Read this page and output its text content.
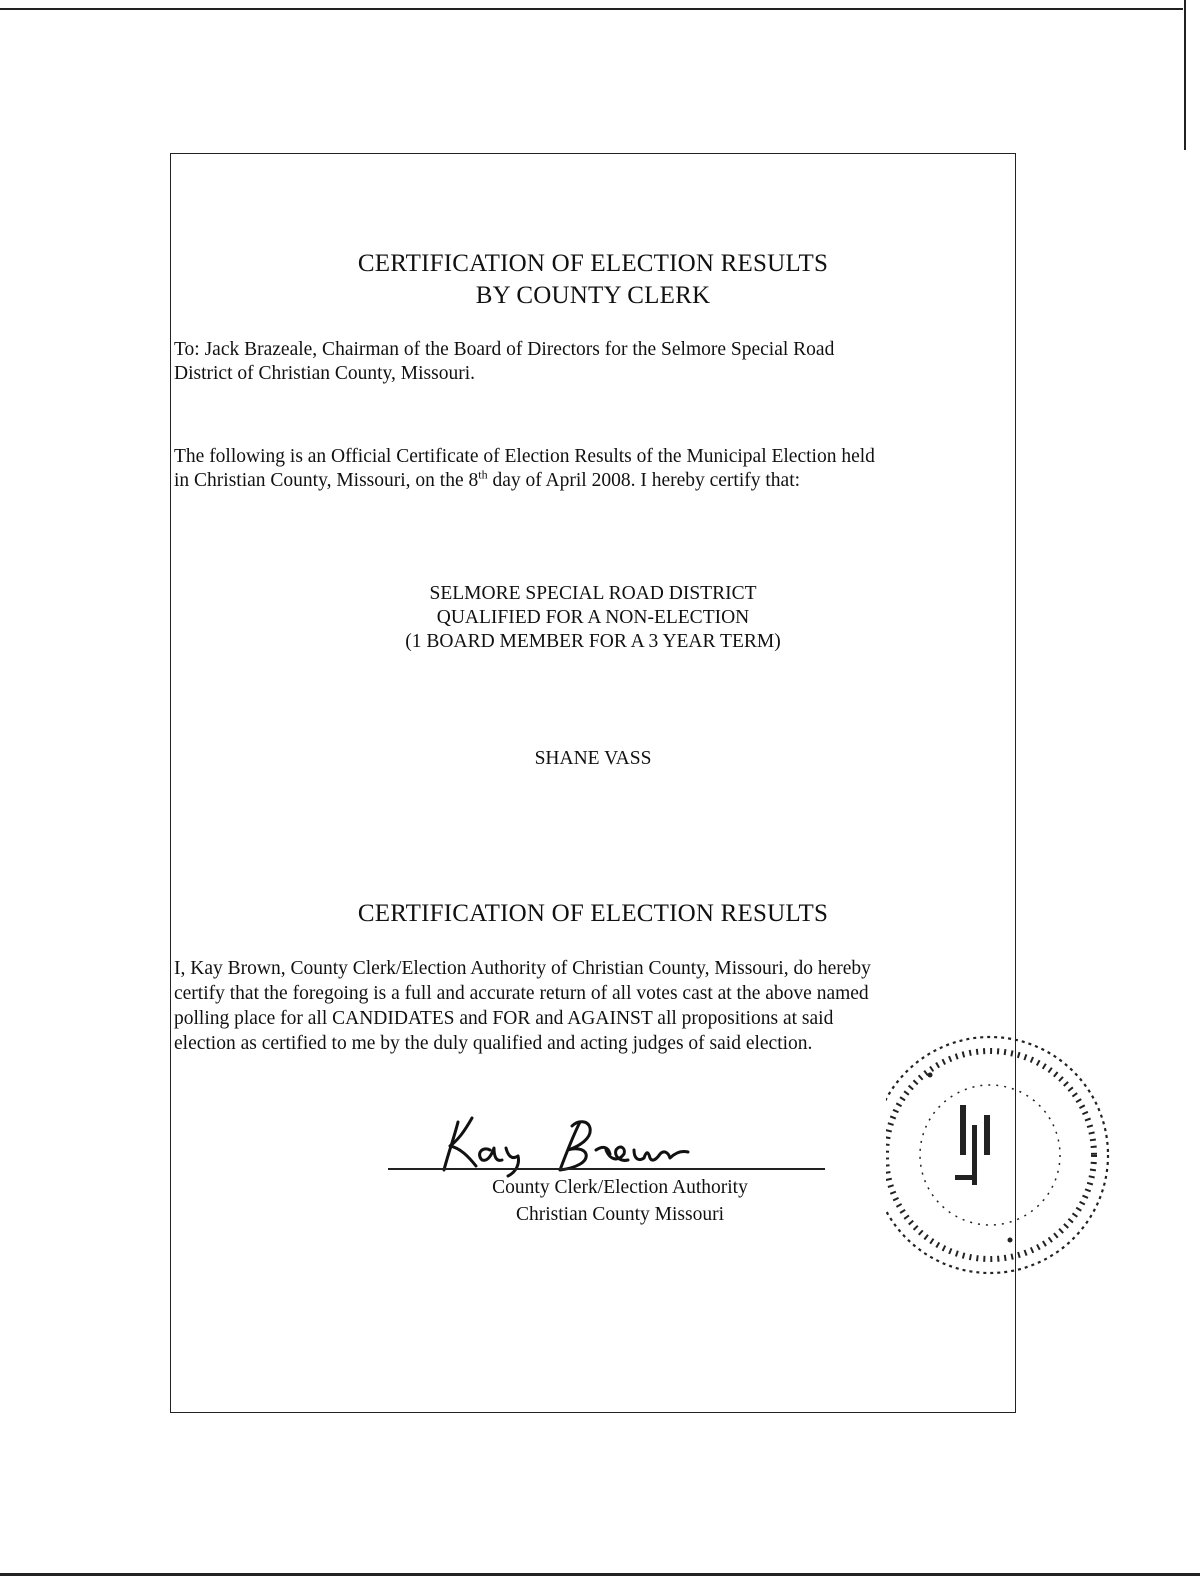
CERTIFICATION OF ELECTION RESULTS
BY COUNTY CLERK
To: Jack Brazeale, Chairman of the Board of Directors for the Selmore Special Road
District of Christian County, Missouri.
The following is an Official Certificate of Election Results of the Municipal Election held
in Christian County, Missouri, on the 8th day of April 2008. I hereby certify that:
SELMORE SPECIAL ROAD DISTRICT
QUALIFIED FOR A NON-ELECTION
(1 BOARD MEMBER FOR A 3 YEAR TERM)
SHANE VASS
CERTIFICATION OF ELECTION RESULTS
I, Kay Brown, County Clerk/Election Authority of Christian County, Missouri, do hereby
certify that the foregoing is a full and accurate return of all votes cast at the above named
polling place for all CANDIDATES and FOR and AGAINST all propositions at said
election as certified to me by the duly qualified and acting judges of said election.
County Clerk/Election Authority
Christian County Missouri
